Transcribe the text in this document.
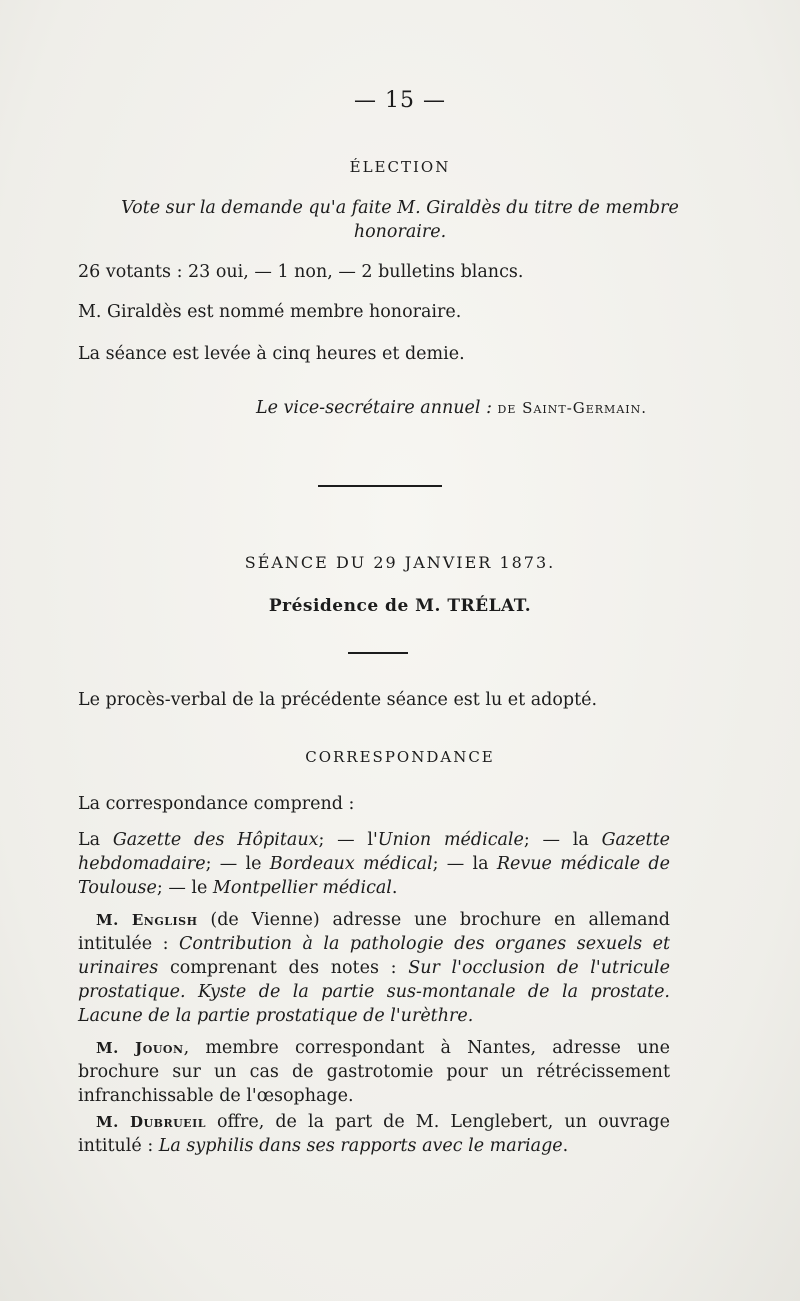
— 15 —
ÉLECTION
Vote sur la demande qu'a faite M. Giraldès du titre de membre
honoraire.
26 votants : 23 oui, — 1 non, — 2 bulletins blancs.
M. Giraldès est nommé membre honoraire.
La séance est levée à cinq heures et demie.
Le vice-secrétaire annuel : de Saint-Germain.
SÉANCE DU 29 JANVIER 1873.
Présidence de M. TRÉLAT.
Le procès-verbal de la précédente séance est lu et adopté.
CORRESPONDANCE
La correspondance comprend :

La Gazette des Hôpitaux; — l'Union médicale; — la Gazette hebdomadaire; — le Bordeaux médical; — la Revue médicale de Toulouse; — le Montpellier médical.

M. English (de Vienne) adresse une brochure en allemand intitulée : Contribution à la pathologie des organes sexuels et urinaires comprenant des notes : Sur l'occlusion de l'utricule prostatique. Kyste de la partie sus-montanale de la prostate. Lacune de la partie prostatique de l'urèthre.

M. Jouon, membre correspondant à Nantes, adresse une brochure sur un cas de gastrotomie pour un rétrécissement infranchissable de l'œsophage.

M. Dubrueil offre, de la part de M. Lenglebert, un ouvrage intitulé : La syphilis dans ses rapports avec le mariage.
